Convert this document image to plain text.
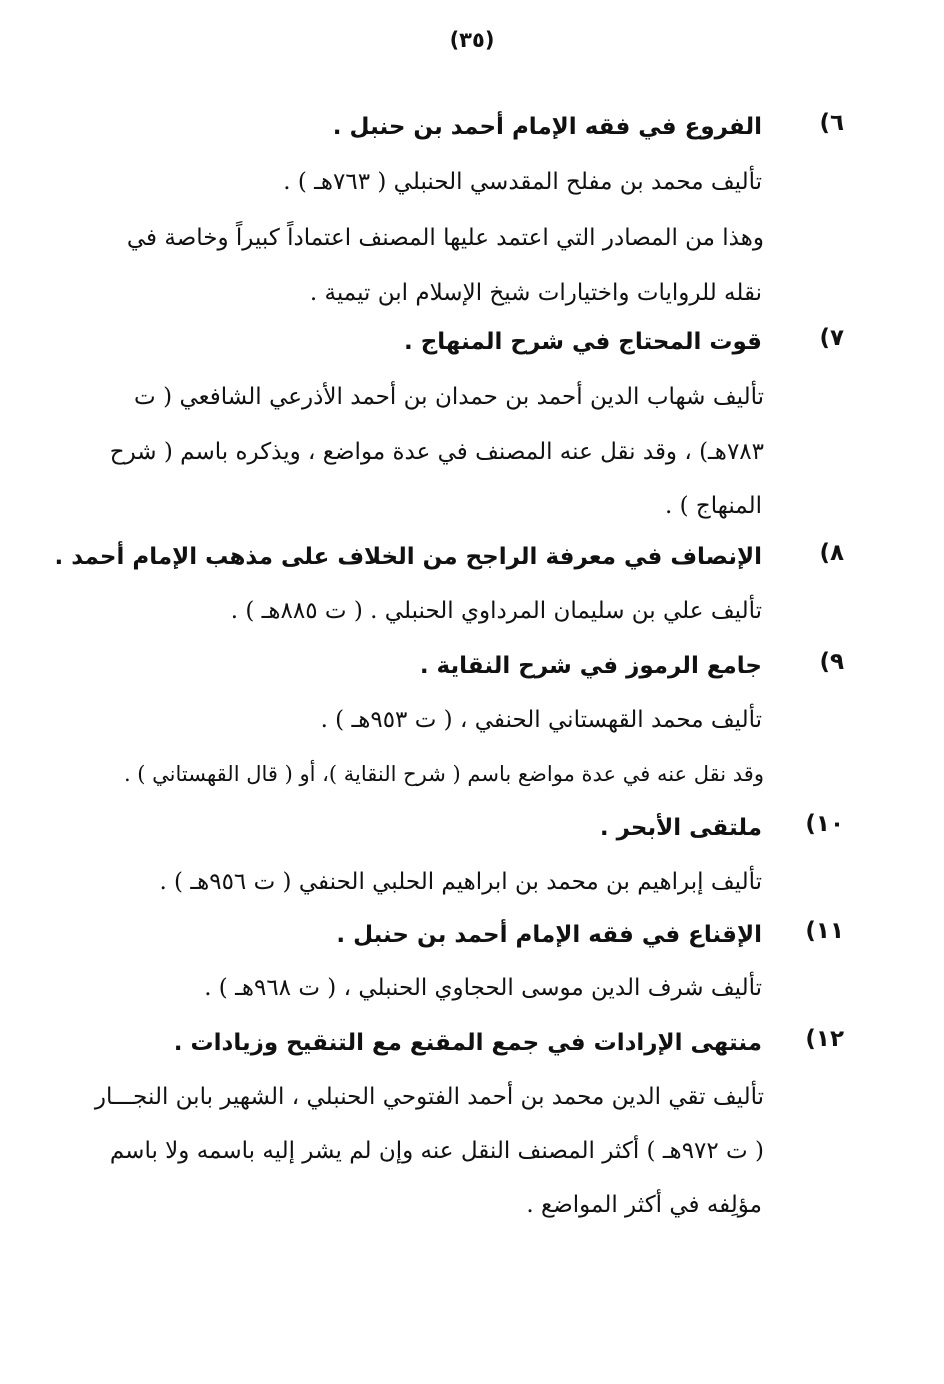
(٣٥)
٦)
الفروع في فقه الإمام أحمد بن حنبل .
تأليف محمد بن مفلح المقدسي الحنبلي ( ٧٦٣هـ ) .
وهذا من المصادر التي اعتمد عليها المصنف اعتماداً كبيراً وخاصة في
نقله للروايات واختيارات شيخ الإسلام ابن تيمية .
٧)
قوت المحتاج في شرح المنهاج .
تأليف شهاب الدين أحمد بن حمدان بن أحمد الأذرعي الشافعي ( ت
٧٨٣هـ) ، وقد نقل عنه المصنف في عدة مواضع ، ويذكره باسم ( شرح
المنهاج ) .
٨)
الإنصاف في معرفة الراجح من الخلاف على مذهب الإمام أحمد .
تأليف علي بن سليمان المرداوي الحنبلي . ( ت ٨٨٥هـ ) .
٩)
جامع الرموز في شرح النقاية .
تأليف محمد القهستاني الحنفي ، ( ت ٩٥٣هـ ) .
وقد نقل عنه في عدة مواضع باسم ( شرح النقاية )، أو ( قال القهستاني ) .
١٠)
ملتقى الأبحر .
تأليف إبراهيم بن محمد بن ابراهيم الحلبي الحنفي ( ت ٩٥٦هـ ) .
١١)
الإقناع في فقه الإمام أحمد بن حنبل .
تأليف شرف الدين موسى الحجاوي الحنبلي ، ( ت ٩٦٨هـ ) .
١٢)
منتهى الإرادات في جمع المقنع مع التنقيح وزيادات .
تأليف تقي الدين محمد بن أحمد الفتوحي الحنبلي ، الشهير بابن النجـــار
( ت ٩٧٢هـ ) أكثر المصنف النقل عنه وإن لم يشر إليه باسمه ولا باسم
مؤلِفه في أكثر المواضع .
